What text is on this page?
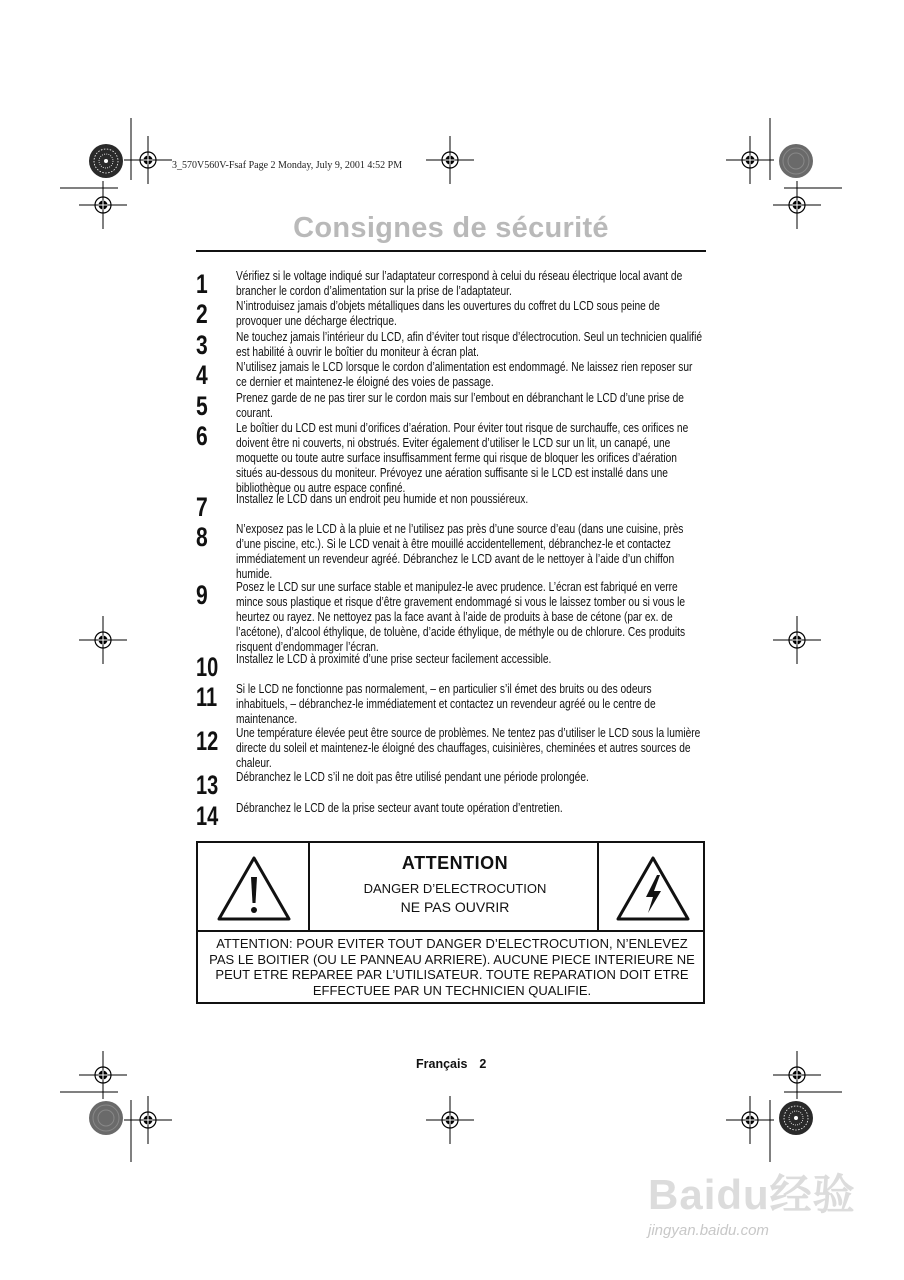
3_570V560V-Fsaf Page 2 Monday, July 9, 2001 4:52 PM
Consignes de sécurité
1 Vérifiez si le voltage indiqué sur l’adaptateur correspond à celui du réseau électrique local avant de brancher le cordon d’alimentation sur la prise de l’adaptateur.
2 N’introduisez jamais d’objets métalliques dans les ouvertures du coffret du LCD sous peine de provoquer une décharge électrique.
3 Ne touchez jamais l’intérieur du LCD, afin d’éviter tout risque d’électrocution. Seul un technicien qualifié est habilité à ouvrir le boîtier du moniteur à écran plat.
4 N’utilisez jamais le LCD lorsque le cordon d’alimentation est endommagé. Ne laissez rien reposer sur ce dernier et maintenez-le éloigné des voies de passage.
5 Prenez garde de ne pas tirer sur le cordon mais sur l’embout en débranchant le LCD d’une prise de courant.
6 Le boîtier du LCD est muni d’orifices d’aération. Pour éviter tout risque de surchauffe, ces orifices ne doivent être ni couverts, ni obstrués. Eviter également d’utiliser le LCD sur un lit, un canapé, une moquette ou toute autre surface insuffisamment ferme qui risque de bloquer les orifices d’aération situés au-dessous du moniteur. Prévoyez une aération suffisante si le LCD est installé dans une bibliothèque ou autre espace confiné.
7 Installez le LCD dans un endroit peu humide et non poussiéreux.
8 N’exposez pas le LCD à la pluie et ne l’utilisez pas près d’une source d’eau (dans une cuisine, près d’une piscine, etc.). Si le LCD venait à être mouillé accidentellement, débranchez-le et contactez immédiatement un revendeur agréé. Débranchez le LCD avant de le nettoyer à l’aide d’un chiffon humide.
9 Posez le LCD sur une surface stable et manipulez-le avec prudence. L’écran est fabriqué en verre mince sous plastique et risque d’être gravement endommagé si vous le laissez tomber ou si vous le heurtez ou rayez. Ne nettoyez pas la face avant à l’aide de produits à base de cétone (par ex. de l’acétone), d’alcool éthylique, de toluène, d’acide éthylique, de méthyle ou de chlorure. Ces produits risquent d’endommager l’écran.
10 Installez le LCD à proximité d’une prise secteur facilement accessible.
11 Si le LCD ne fonctionne pas normalement, – en particulier s’il émet des bruits ou des odeurs inhabituels, – débranchez-le immédiatement et contactez un revendeur agréé ou le centre de maintenance.
12 Une température élevée peut être source de problèmes. Ne tentez pas d’utiliser le LCD sous la lumière directe du soleil et maintenez-le éloigné des chauffages, cuisinières, cheminées et autres sources de chaleur.
13 Débranchez le LCD s’il ne doit pas être utilisé pendant une période prolongée.
14 Débranchez le LCD de la prise secteur avant toute opération d’entretien.
ATTENTION
DANGER D’ELECTROCUTION
NE PAS OUVRIR
ATTENTION: POUR EVITER TOUT DANGER D’ELECTROCUTION, N’ENLEVEZ PAS LE BOITIER (OU LE PANNEAU ARRIERE). AUCUNE PIECE INTERIEURE NE PEUT ETRE REPAREE PAR L’UTILISATEUR. TOUTE REPARATION DOIT ETRE EFFECTUEE PAR UN TECHNICIEN QUALIFIE.
Français 2
Baidu经验
jingyan.baidu.com
